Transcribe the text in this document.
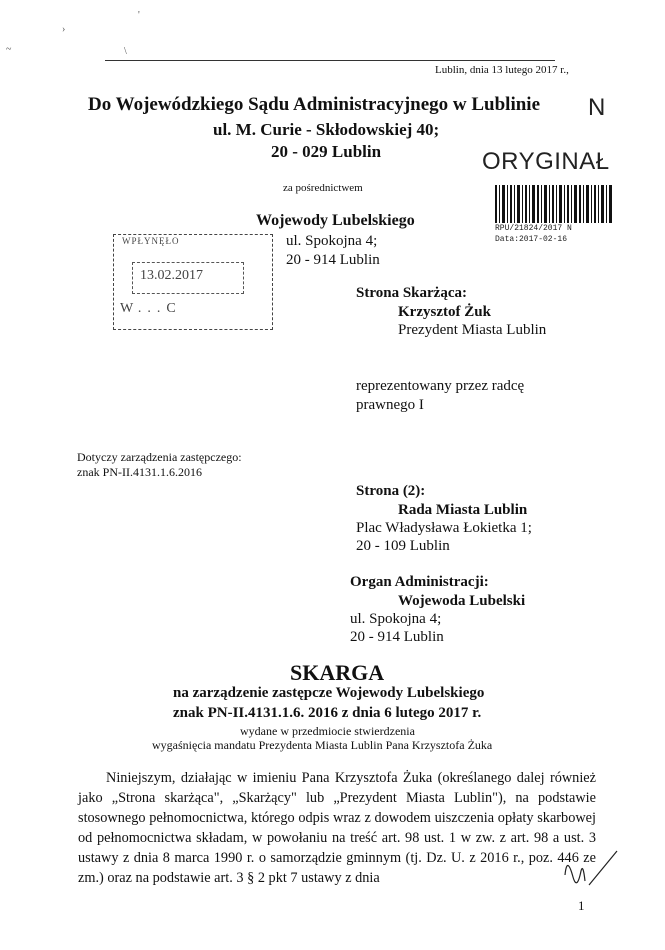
'
›
~	\
Lublin, dnia 13 lutego 2017 r.,
N
Do Wojewódzkiego Sądu Administracyjnego w Lublinie
ul. M. Curie - Skłodowskiej 40;
20 - 029 Lublin	ORYGINAŁ
RPU/21824/2017 N
Data:2017-02-16
za pośrednictwem
Wojewody Lubelskiego
ul. Spokojna 4;
20 - 914 Lublin
WPŁYNĘŁO
13.02.2017
W...C
Strona Skarżąca:
Krzysztof Żuk
Prezydent Miasta Lublin
reprezentowany przez radcę
prawnego I
Dotyczy zarządzenia zastępczego:
znak PN-II.4131.1.6.2016
Strona (2):
Rada Miasta Lublin
Plac Władysława Łokietka 1;
20 - 109 Lublin
Organ Administracji:
Wojewoda Lubelski
ul. Spokojna 4;
20 - 914 Lublin
SKARGA
na zarządzenie zastępcze Wojewody Lubelskiego
znak PN-II.4131.1.6. 2016 z dnia 6 lutego 2017 r.
wydane w przedmiocie stwierdzenia
wygaśnięcia mandatu Prezydenta Miasta Lublin Pana Krzysztofa Żuka

Niniejszym, działając w imieniu Pana Krzysztofa Żuka (określanego dalej również jako „Strona skarżąca", „Skarżący" lub „Prezydent Miasta Lublin"), na podstawie stosownego pełnomocnictwa, którego odpis wraz z dowodem uiszczenia opłaty skarbowej od pełnomocnictwa składam, w powołaniu na treść art. 98 ust. 1 w zw. z art. 98 a ust. 3 ustawy z dnia 8 marca 1990 r. o samorządzie gminnym (tj. Dz. U. z 2016 r., poz. 446 ze zm.) oraz na podstawie art. 3 § 2 pkt 7 ustawy z dnia

1
